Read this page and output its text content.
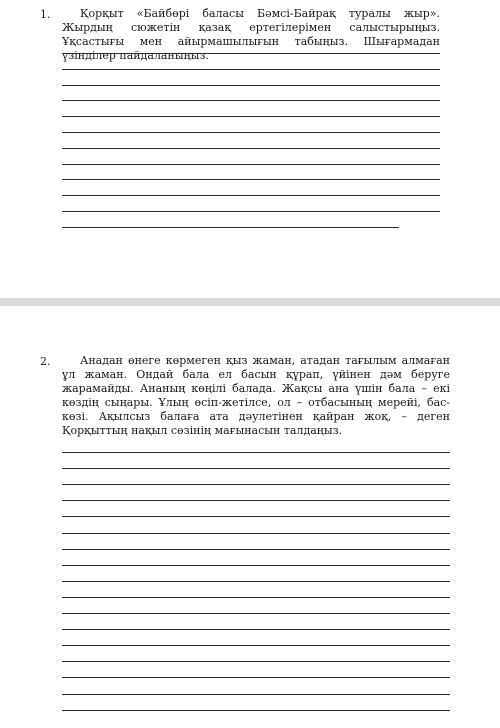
1.	Қорқыт «Байбөрі баласы Бәмсі-Байрақ туралы жыр». Жырдың сюжетін қазақ ертегілерімен салыстырыңыз. Ұқсастығы мен айырмашылығын табыңыз. Шығармадан үзінділер пайдаланыңыз.
2.	Анадан өнеге көрмеген қыз жаман, атадан тағылым алмаған ұл жаман. Ондай бала ел басын құрап, үйінен дәм беруге жарамайды. Ананың көңілі балада. Жақсы ана үшін бала – екі көздің сыңары. Ұлың өсіп-жетілсе, ол – отбасының мерейі, бас-көзі. Ақылсыз балаға ата дәулетінен қайран жоқ, – деген Қорқыттың нақыл сөзінің мағынасын талдаңыз.
